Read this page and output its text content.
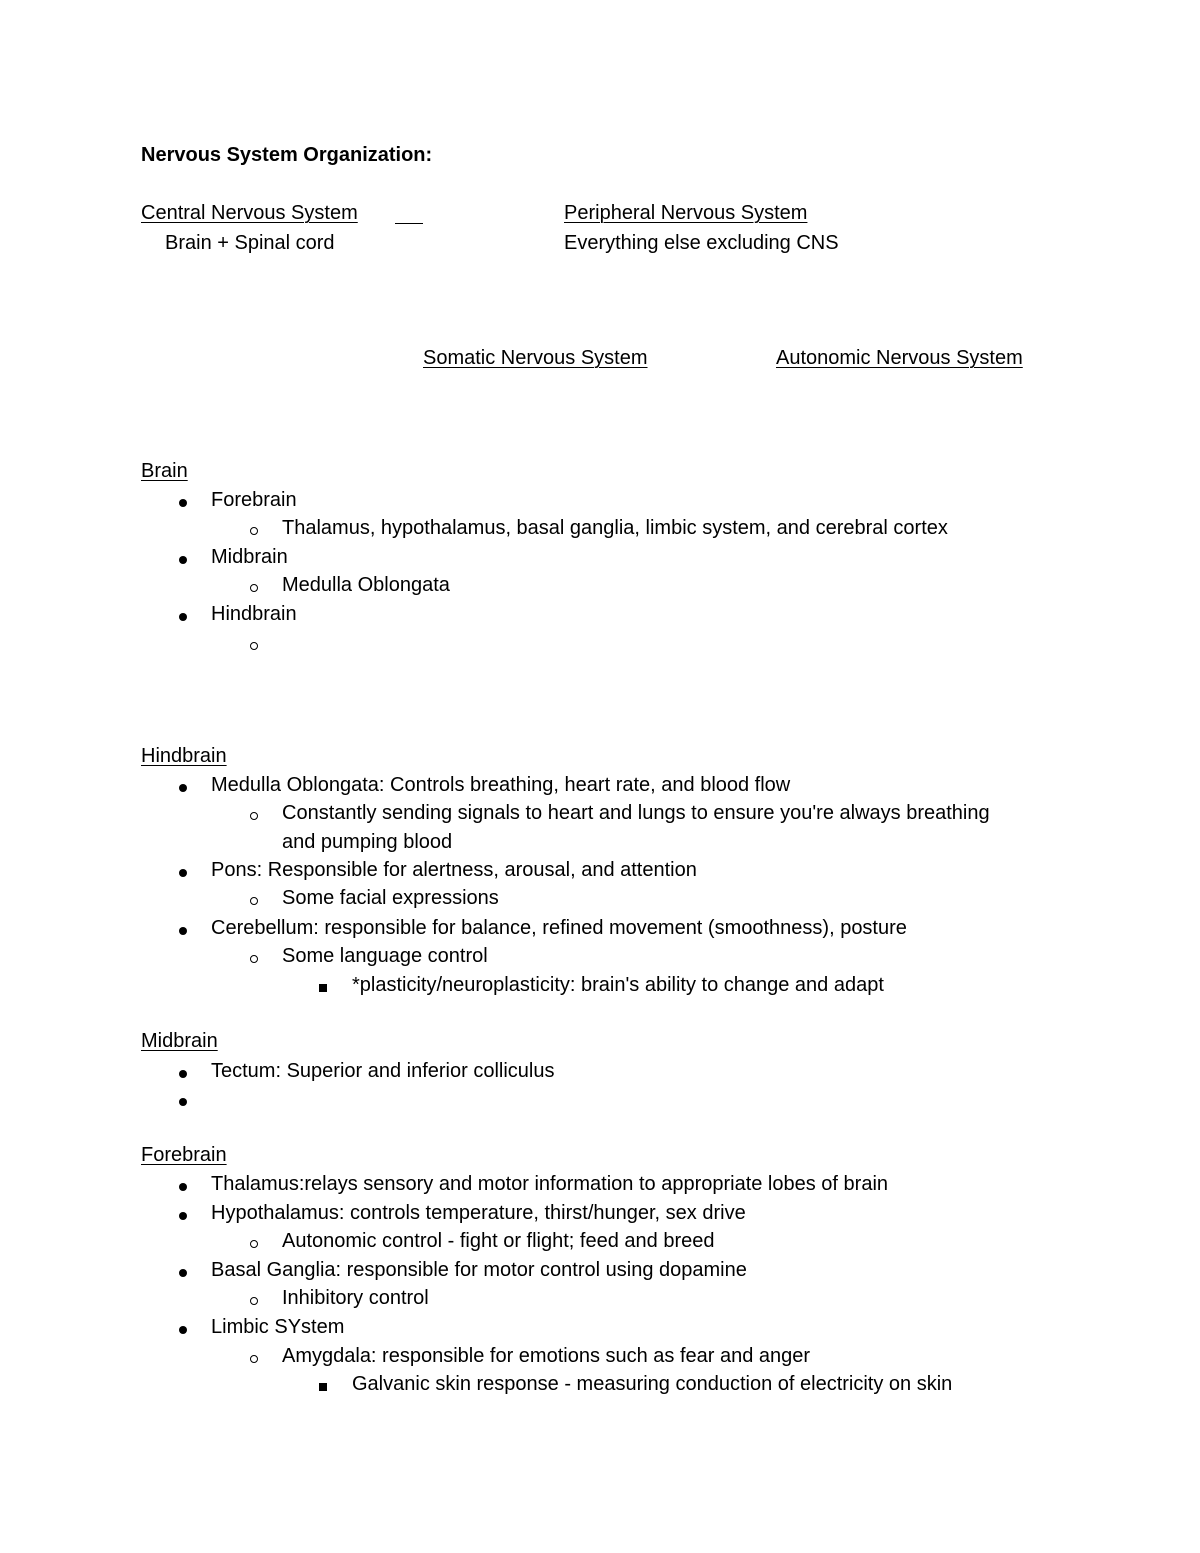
Nervous System Organization:
Central Nervous System
Brain + Spinal cord
Peripheral Nervous System
Everything else excluding CNS
Somatic Nervous System	Autonomic Nervous System
Brain
Forebrain
Thalamus, hypothalamus, basal ganglia, limbic system, and cerebral cortex
Midbrain
Medulla Oblongata
Hindbrain
Hindbrain
Medulla Oblongata: Controls breathing, heart rate, and blood flow
Constantly sending signals to heart and lungs to ensure you're always breathing
and pumping blood
Pons: Responsible for alertness, arousal, and attention
Some facial expressions
Cerebellum: responsible for balance, refined movement (smoothness), posture
Some language control
*plasticity/neuroplasticity: brain's ability to change and adapt
Midbrain
Tectum: Superior and inferior colliculus
Forebrain
Thalamus:relays sensory and motor information to appropriate lobes of brain
Hypothalamus: controls temperature, thirst/hunger, sex drive
Autonomic control - fight or flight; feed and breed
Basal Ganglia: responsible for motor control using dopamine
Inhibitory control
Limbic SYstem
Amygdala: responsible for emotions such as fear and anger
Galvanic skin response - measuring conduction of electricity on skin
